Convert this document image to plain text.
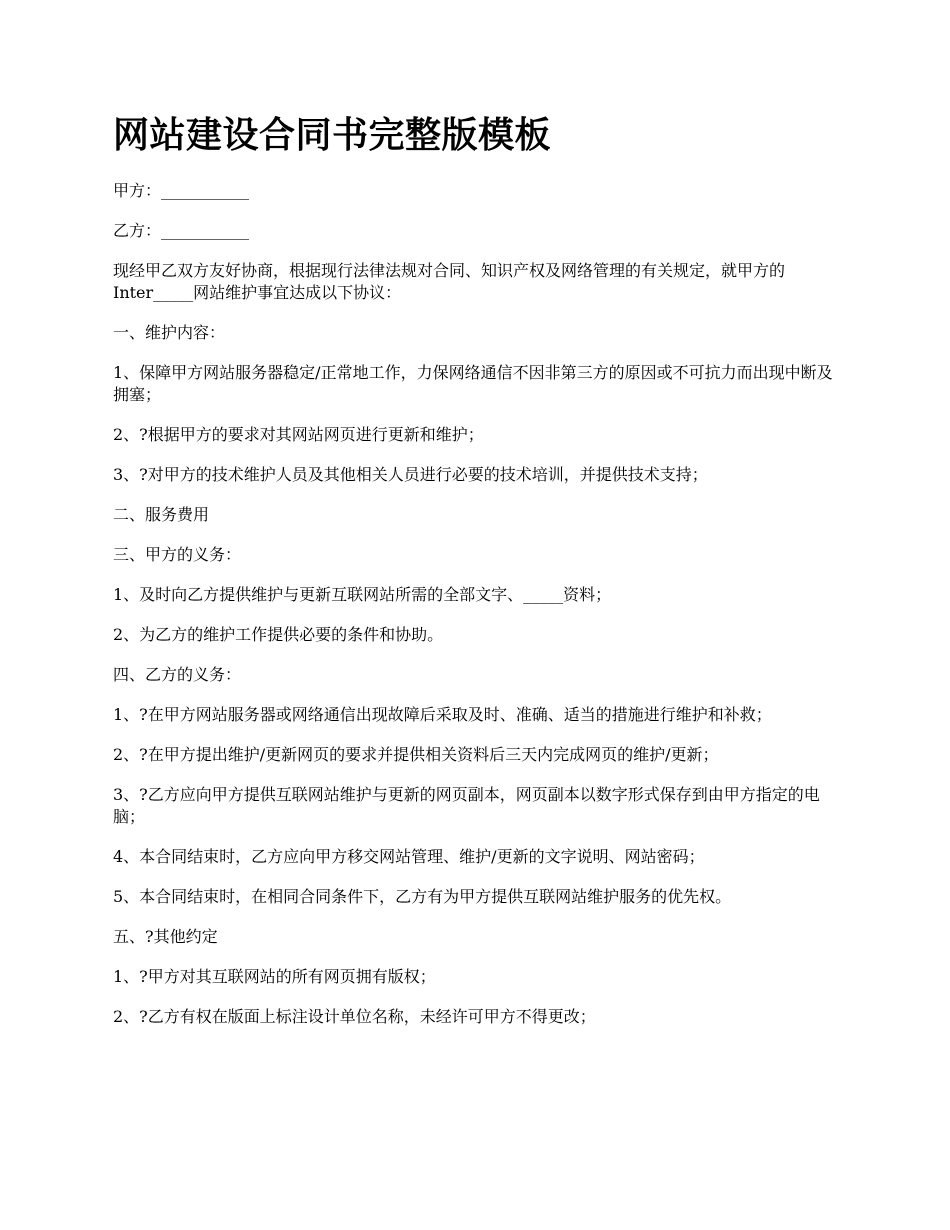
网站建设合同书完整版模板

甲方：___________

乙方：___________

现经甲乙双方友好协商，根据现行法律法规对合同、知识产权及网络管理的有关规定，就甲方的Inter_____网站维护事宜达成以下协议：

一、维护内容：

1、保障甲方网站服务器稳定/正常地工作，力保网络通信不因非第三方的原因或不可抗力而出现中断及拥塞；

2、?根据甲方的要求对其网站网页进行更新和维护；

3、?对甲方的技术维护人员及其他相关人员进行必要的技术培训，并提供技术支持；

二、服务费用

三、甲方的义务：

1、及时向乙方提供维护与更新互联网站所需的全部文字、_____资料；

2、为乙方的维护工作提供必要的条件和协助。

四、乙方的义务：

1、?在甲方网站服务器或网络通信出现故障后采取及时、准确、适当的措施进行维护和补救；

2、?在甲方提出维护/更新网页的要求并提供相关资料后三天内完成网页的维护/更新；

3、?乙方应向甲方提供互联网站维护与更新的网页副本，网页副本以数字形式保存到由甲方指定的电脑；

4、本合同结束时，乙方应向甲方移交网站管理、维护/更新的文字说明、网站密码；

5、本合同结束时，在相同合同条件下，乙方有为甲方提供互联网站维护服务的优先权。

五、?其他约定

1、?甲方对其互联网站的所有网页拥有版权；

2、?乙方有权在版面上标注设计单位名称，未经许可甲方不得更改；
